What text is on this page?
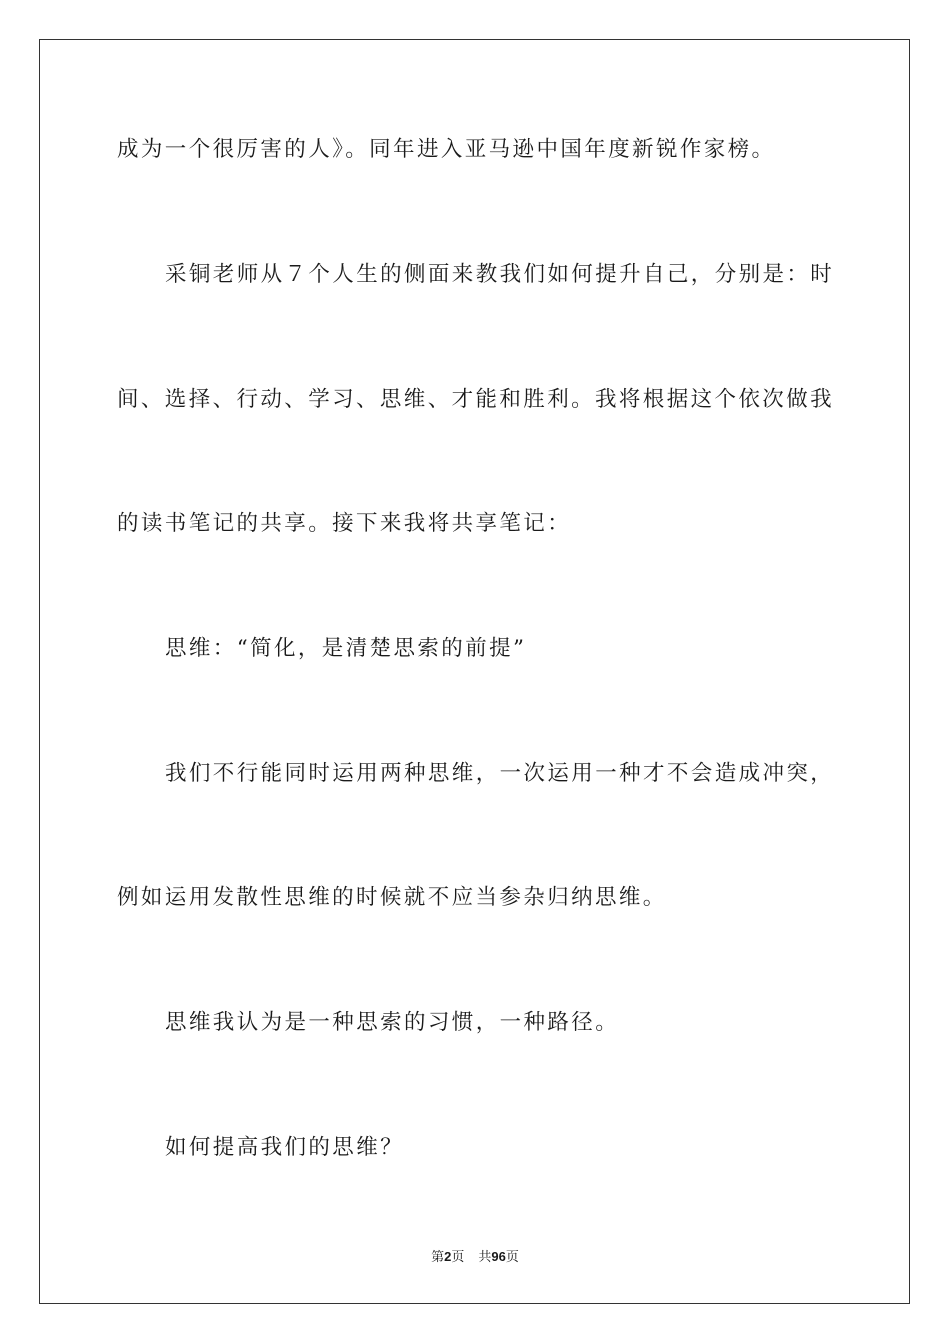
成为一个很厉害的人》。同年进入亚马逊中国年度新锐作家榜。

采铜老师从７个人生的侧面来教我们如何提升自己，分别是：时

间、选择、行动、学习、思维、才能和胜利。我将根据这个依次做我

的读书笔记的共享。接下来我将共享笔记：

思维：“简化，是清楚思索的前提”

我们不行能同时运用两种思维，一次运用一种才不会造成冲突，

例如运用发散性思维的时候就不应当参杂归纳思维。

思维我认为是一种思索的习惯，一种路径。

如何提高我们的思维？

第2页 共96页
